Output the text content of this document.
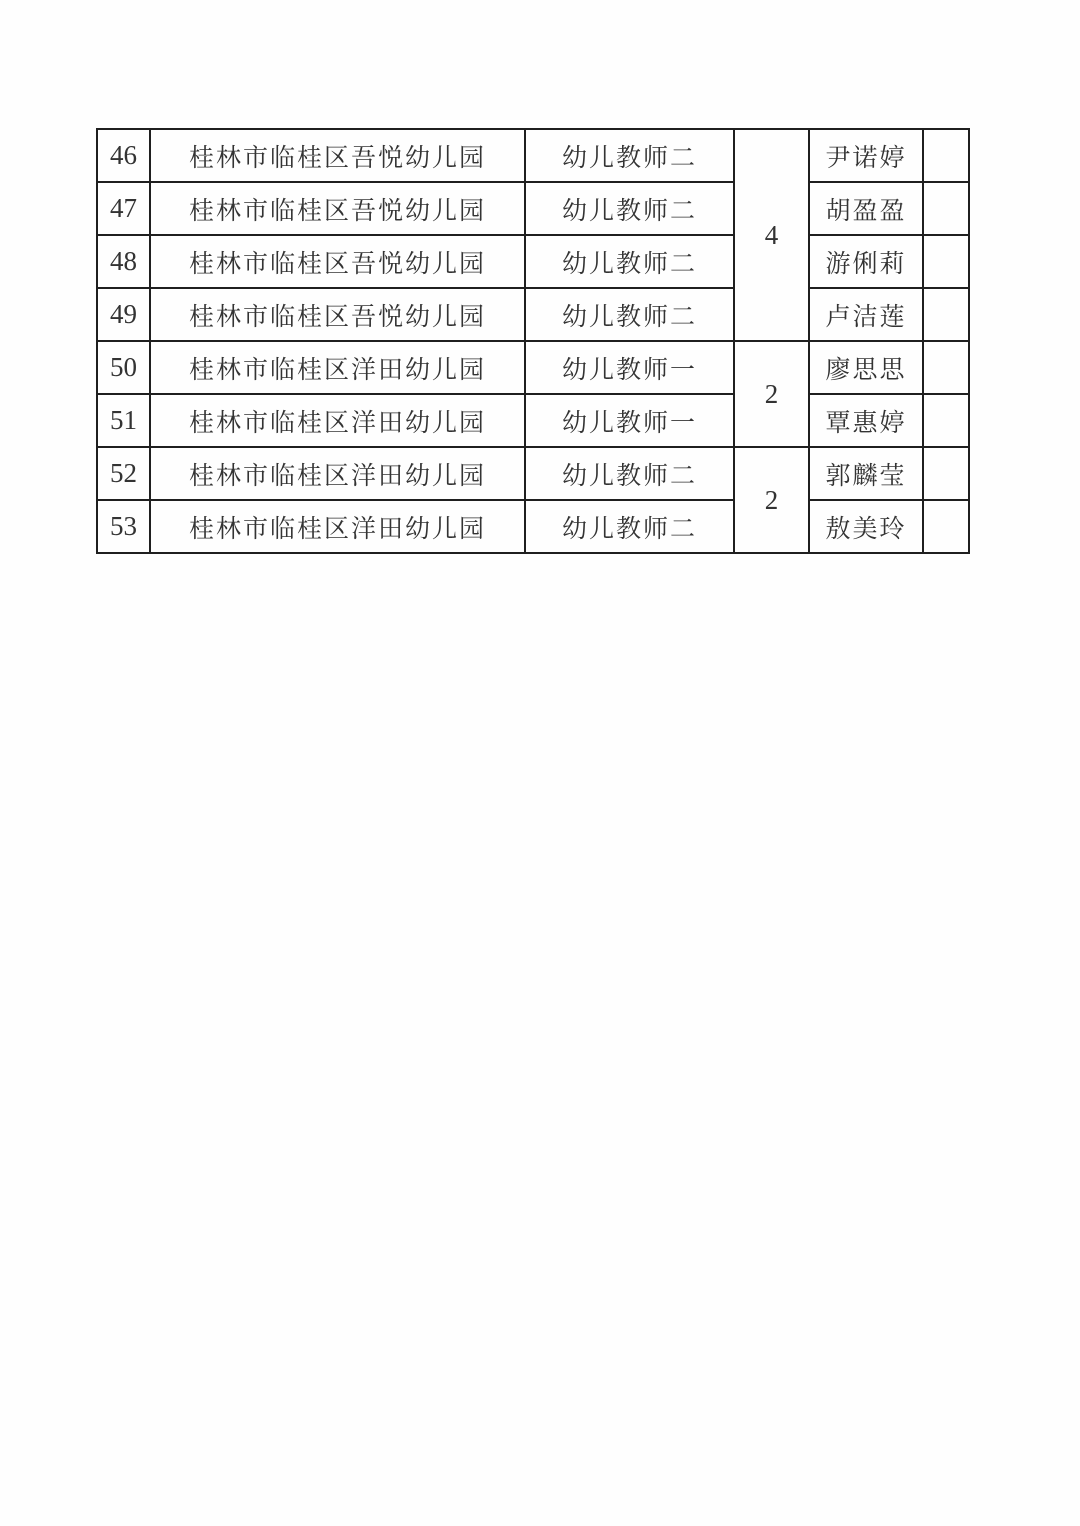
46	桂林市临桂区吾悦幼儿园	幼儿教师二	4	尹诺婷	
47	桂林市临桂区吾悦幼儿园	幼儿教师二		胡盈盈	
48	桂林市临桂区吾悦幼儿园	幼儿教师二		游俐莉	
49	桂林市临桂区吾悦幼儿园	幼儿教师二		卢洁莲	
50	桂林市临桂区洋田幼儿园	幼儿教师一	2	廖思思	
51	桂林市临桂区洋田幼儿园	幼儿教师一		覃惠婷	
52	桂林市临桂区洋田幼儿园	幼儿教师二	2	郭麟莹	
53	桂林市临桂区洋田幼儿园	幼儿教师二		敖美玲	
